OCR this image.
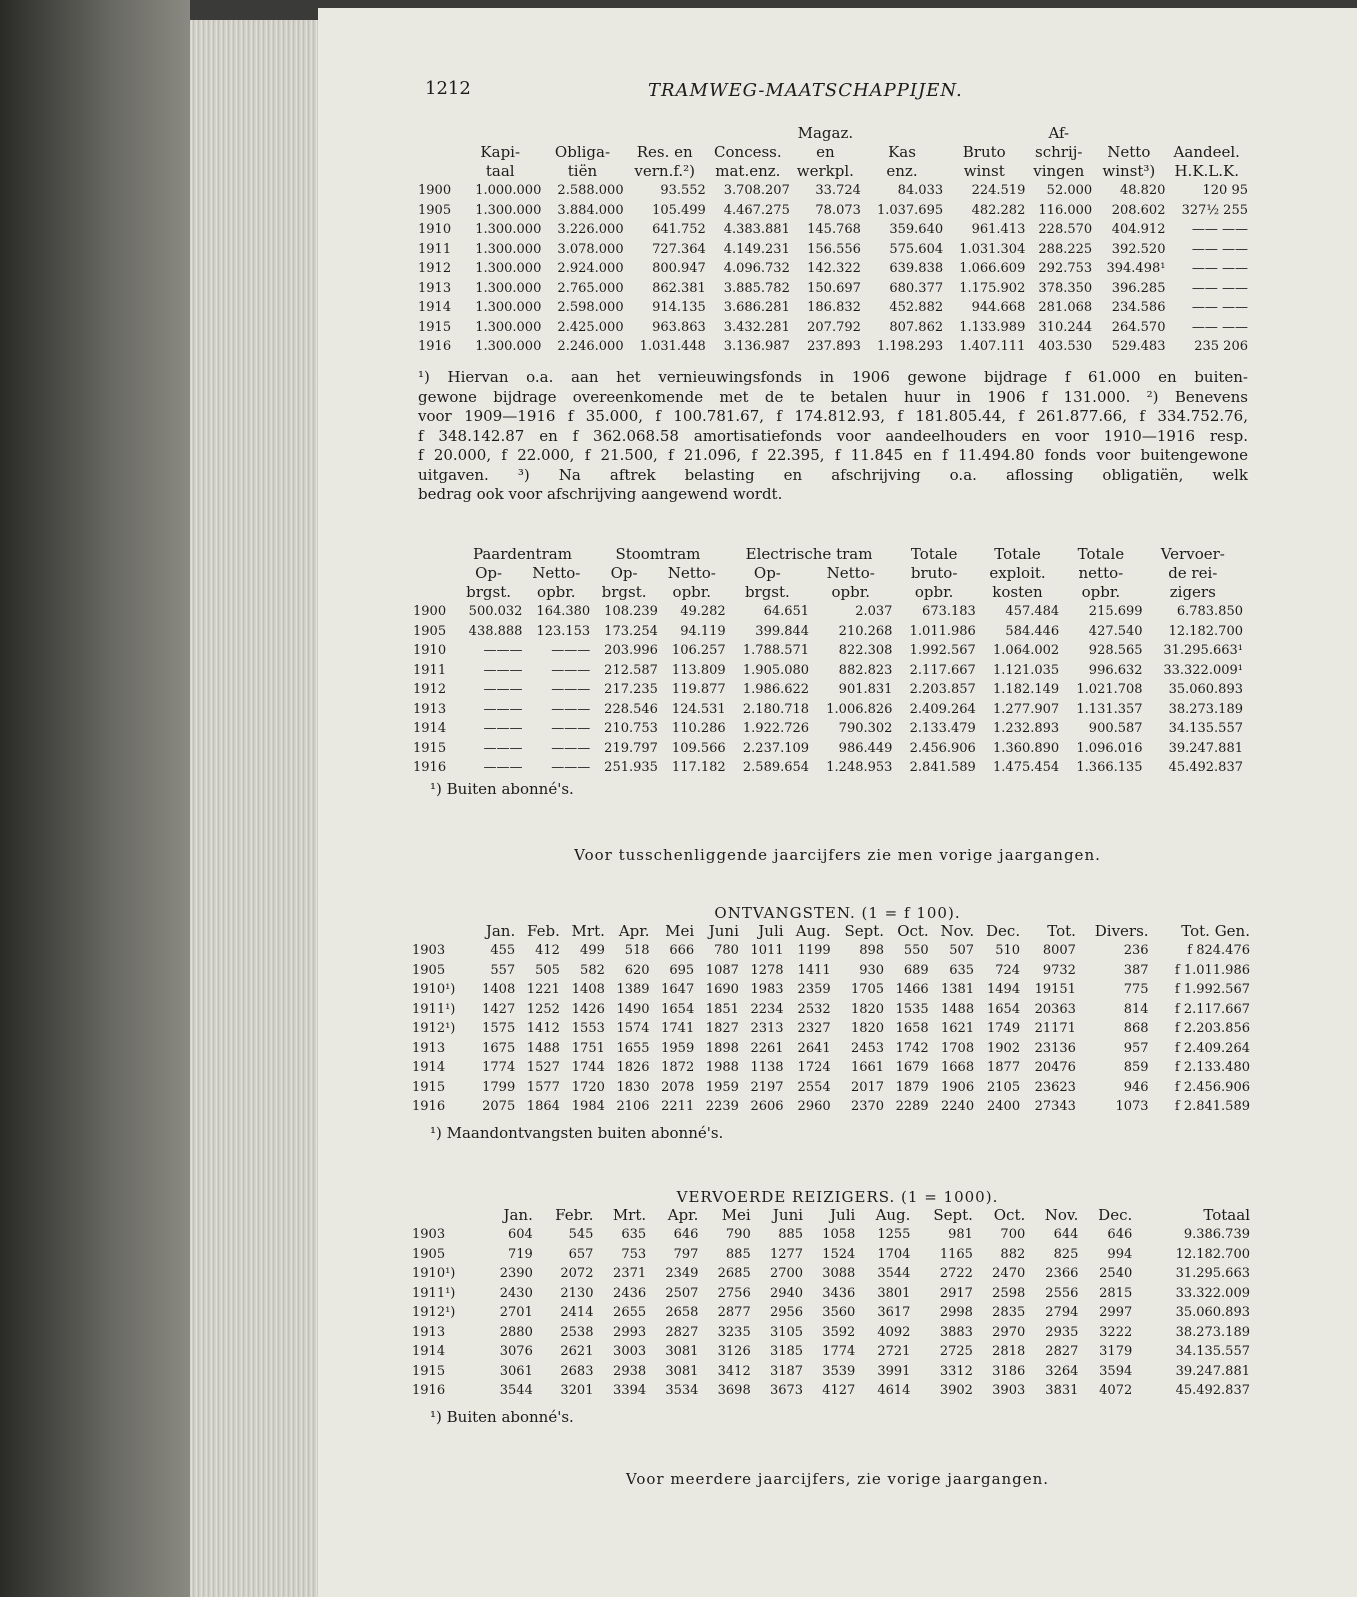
1212	TRAMWEG-MAATSCHAPPIJEN.
					Magaz.			Af-		
	Kapi-	Obliga-	Res. en	Concess.	en	Kas	Bruto	schrij-	Netto	Aandeel.
	taal	tiën	vern.f.²)	mat.enz.	werkpl.	enz.	winst	vingen	winst³)	H.K.L.K.
1900	1.000.000	2.588.000	93.552	3.708.207	33.724	84.033	224.519	52.000	48.820	120 95
1905	1.300.000	3.884.000	105.499	4.467.275	78.073	1.037.695	482.282	116.000	208.602	327½ 255
1910	1.300.000	3.226.000	641.752	4.383.881	145.768	359.640	961.413	228.570	404.912	—— ——
1911	1.300.000	3.078.000	727.364	4.149.231	156.556	575.604	1.031.304	288.225	392.520	—— ——
1912	1.300.000	2.924.000	800.947	4.096.732	142.322	639.838	1.066.609	292.753	394.498¹	—— ——
1913	1.300.000	2.765.000	862.381	3.885.782	150.697	680.377	1.175.902	378.350	396.285	—— ——
1914	1.300.000	2.598.000	914.135	3.686.281	186.832	452.882	944.668	281.068	234.586	—— ——
1915	1.300.000	2.425.000	963.863	3.432.281	207.792	807.862	1.133.989	310.244	264.570	—— ——
1916	1.300.000	2.246.000	1.031.448	3.136.987	237.893	1.198.293	1.407.111	403.530	529.483	235 206
¹) Hiervan o.a. aan het vernieuwingsfonds in 1906 gewone bijdrage f 61.000 en buiten-
gewone bijdrage overeenkomende met de te betalen huur in 1906 f 131.000. ²) Benevens
voor 1909—1916 f 35.000, f 100.781.67, f 174.812.93, f 181.805.44, f 261.877.66, f 334.752.76,
f 348.142.87 en f 362.068.58 amortisatiefonds voor aandeelhouders en voor 1910—1916 resp.
f 20.000, f 22.000, f 21.500, f 21.096, f 22.395, f 11.845 en f 11.494.80 fonds voor buitengewone
uitgaven. ³) Na aftrek belasting en afschrijving o.a. aflossing obligatiën, welk
bedrag ook voor afschrijving aangewend wordt.
	Paardentram		Stoomtram		Electrische tram		Totale	Totale	Totale	Vervoer-
	Op-	Netto-	Op-	Netto-	Op-	Netto-	bruto-	exploit.	netto-	de rei-
	brgst.	opbr.	brgst.	opbr.	brgst.	opbr.	opbr.	kosten	opbr.	zigers
1900	500.032	164.380	108.239	49.282	64.651	2.037	673.183	457.484	215.699	6.783.850
1905	438.888	123.153	173.254	94.119	399.844	210.268	1.011.986	584.446	427.540	12.182.700
1910	———	———	203.996	106.257	1.788.571	822.308	1.992.567	1.064.002	928.565	31.295.663¹
1911	———	———	212.587	113.809	1.905.080	882.823	2.117.667	1.121.035	996.632	33.322.009¹
1912	———	———	217.235	119.877	1.986.622	901.831	2.203.857	1.182.149	1.021.708	35.060.893
1913	———	———	228.546	124.531	2.180.718	1.006.826	2.409.264	1.277.907	1.131.357	38.273.189
1914	———	———	210.753	110.286	1.922.726	790.302	2.133.479	1.232.893	900.587	34.135.557
1915	———	———	219.797	109.566	2.237.109	986.449	2.456.906	1.360.890	1.096.016	39.247.881
1916	———	———	251.935	117.182	2.589.654	1.248.953	2.841.589	1.475.454	1.366.135	45.492.837
¹) Buiten abonné's.
Voor tusschenliggende jaarcijfers zie men vorige jaargangen.
ONTVANGSTEN. (1 = f 100).
	Jan.	Feb.	Mrt.	Apr.	Mei	Juni	Juli	Aug.	Sept.	Oct.	Nov.	Dec.	Tot.	Divers.	Tot. Gen.
1903	455	412	499	518	666	780	1011	1199	898	550	507	510	8007	236	f 824.476
1905	557	505	582	620	695	1087	1278	1411	930	689	635	724	9732	387	f 1.011.986
1910¹)	1408	1221	1408	1389	1647	1690	1983	2359	1705	1466	1381	1494	19151	775	f 1.992.567
1911¹)	1427	1252	1426	1490	1654	1851	2234	2532	1820	1535	1488	1654	20363	814	f 2.117.667
1912¹)	1575	1412	1553	1574	1741	1827	2313	2327	1820	1658	1621	1749	21171	868	f 2.203.856
1913	1675	1488	1751	1655	1959	1898	2261	2641	2453	1742	1708	1902	23136	957	f 2.409.264
1914	1774	1527	1744	1826	1872	1988	1138	1724	1661	1679	1668	1877	20476	859	f 2.133.480
1915	1799	1577	1720	1830	2078	1959	2197	2554	2017	1879	1906	2105	23623	946	f 2.456.906
1916	2075	1864	1984	2106	2211	2239	2606	2960	2370	2289	2240	2400	27343	1073	f 2.841.589
¹) Maandontvangsten buiten abonné's.
VERVOERDE REIZIGERS. (1 = 1000).
	Jan.	Febr.	Mrt.	Apr.	Mei	Juni	Juli	Aug.	Sept.	Oct.	Nov.	Dec.	Totaal
1903	604	545	635	646	790	885	1058	1255	981	700	644	646	9.386.739
1905	719	657	753	797	885	1277	1524	1704	1165	882	825	994	12.182.700
1910¹)	2390	2072	2371	2349	2685	2700	3088	3544	2722	2470	2366	2540	31.295.663
1911¹)	2430	2130	2436	2507	2756	2940	3436	3801	2917	2598	2556	2815	33.322.009
1912¹)	2701	2414	2655	2658	2877	2956	3560	3617	2998	2835	2794	2997	35.060.893
1913	2880	2538	2993	2827	3235	3105	3592	4092	3883	2970	2935	3222	38.273.189
1914	3076	2621	3003	3081	3126	3185	1774	2721	2725	2818	2827	3179	34.135.557
1915	3061	2683	2938	3081	3412	3187	3539	3991	3312	3186	3264	3594	39.247.881
1916	3544	3201	3394	3534	3698	3673	4127	4614	3902	3903	3831	4072	45.492.837
¹) Buiten abonné's.
Voor meerdere jaarcijfers, zie vorige jaargangen.
